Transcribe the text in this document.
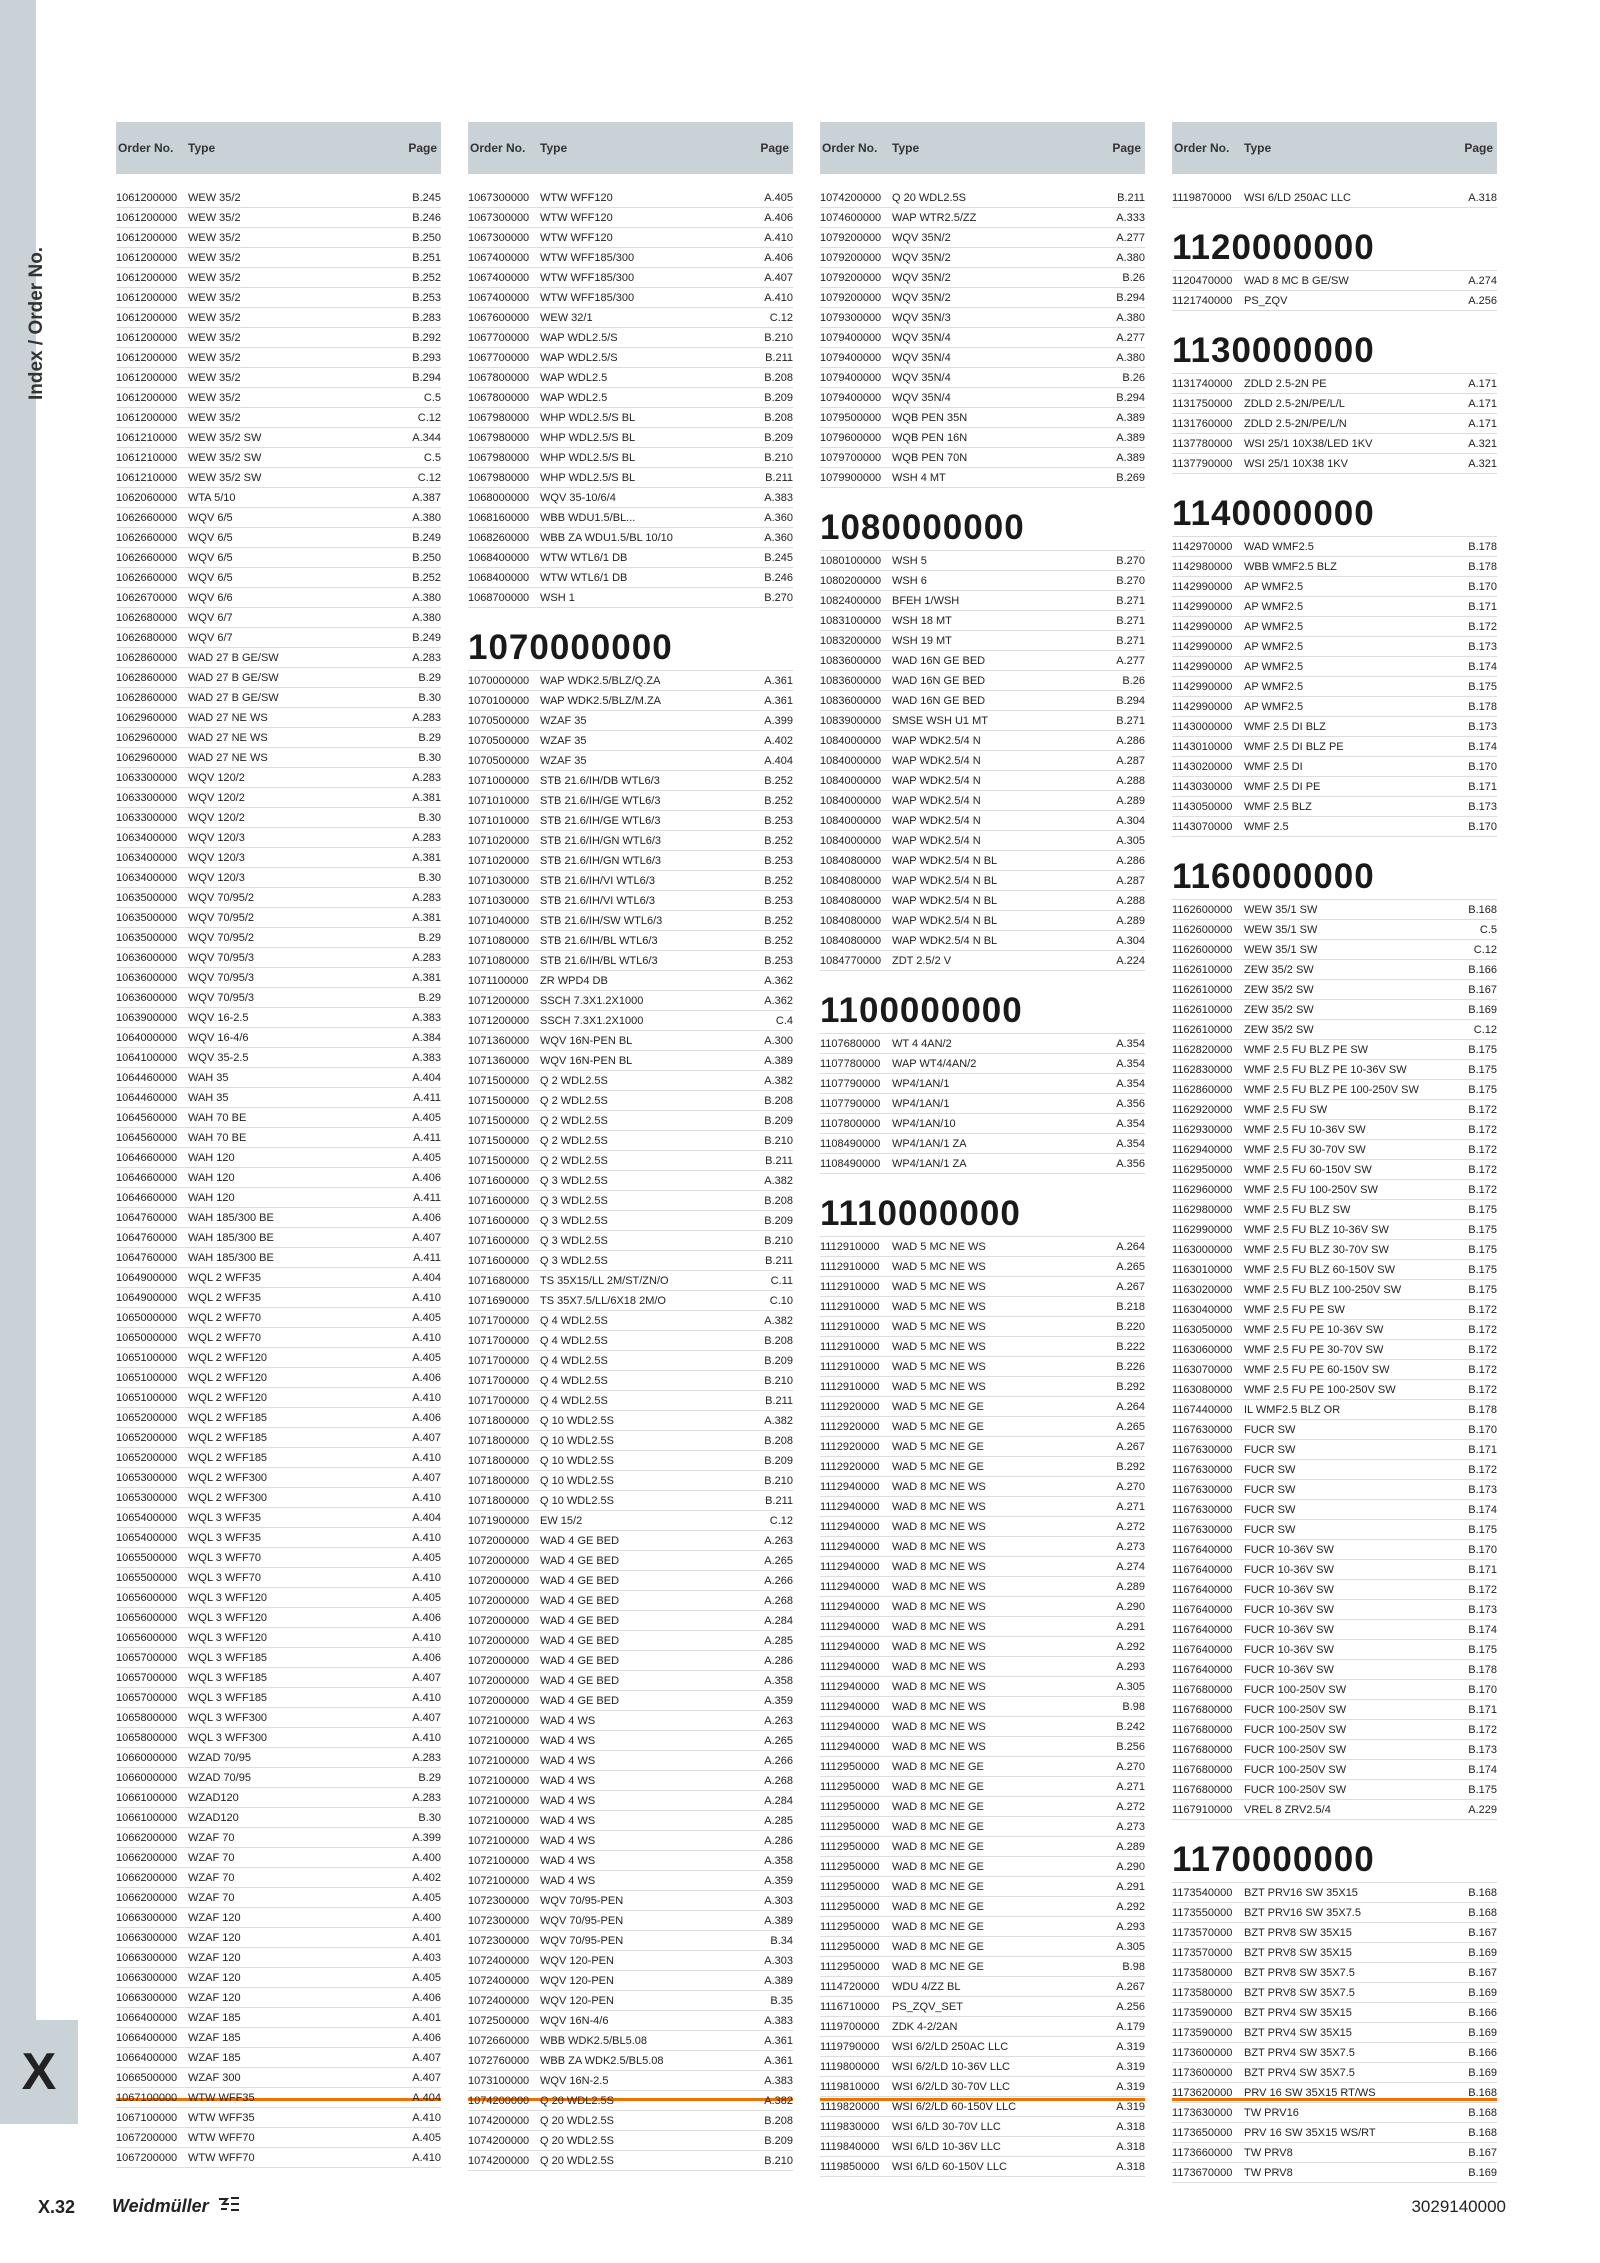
Index / Order No.
X
Order No.	Type	Page
1061200000 WEW 35/2	B.245
1061200000 WEW 35/2	B.246
1061200000 WEW 35/2	B.250
1061200000 WEW 35/2	B.251
1061200000 WEW 35/2	B.252
1061200000 WEW 35/2	B.253
1061200000 WEW 35/2	B.283
1061200000 WEW 35/2	B.292
1061200000 WEW 35/2	B.293
1061200000 WEW 35/2	B.294
1061200000 WEW 35/2	C.5
1061200000 WEW 35/2	C.12
1061210000 WEW 35/2 SW	A.344
1061210000 WEW 35/2 SW	C.5
1061210000 WEW 35/2 SW	C.12
1062060000 WTA 5/10	A.387
1062660000 WQV 6/5	A.380
1062660000 WQV 6/5	B.249
1062660000 WQV 6/5	B.250
1062660000 WQV 6/5	B.252
1062670000 WQV 6/6	A.380
1062680000 WQV 6/7	A.380
1062680000 WQV 6/7	B.249
1062860000 WAD 27 B GE/SW	A.283
1062860000 WAD 27 B GE/SW	B.29
1062860000 WAD 27 B GE/SW	B.30
1062960000 WAD 27 NE WS	A.283
1062960000 WAD 27 NE WS	B.29
1062960000 WAD 27 NE WS	B.30
1063300000 WQV 120/2	A.283
1063300000 WQV 120/2	A.381
1063300000 WQV 120/2	B.30
1063400000 WQV 120/3	A.283
1063400000 WQV 120/3	A.381
1063400000 WQV 120/3	B.30
1063500000 WQV 70/95/2	A.283
1063500000 WQV 70/95/2	A.381
1063500000 WQV 70/95/2	B.29
1063600000 WQV 70/95/3	A.283
1063600000 WQV 70/95/3	A.381
1063600000 WQV 70/95/3	B.29
1063900000 WQV 16-2.5	A.383
1064000000 WQV 16-4/6	A.384
1064100000 WQV 35-2.5	A.383
1064460000 WAH 35	A.404
1064460000 WAH 35	A.411
1064560000 WAH 70 BE	A.405
1064560000 WAH 70 BE	A.411
1064660000 WAH 120	A.405
1064660000 WAH 120	A.406
1064660000 WAH 120	A.411
1064760000 WAH 185/300 BE	A.406
1064760000 WAH 185/300 BE	A.407
1064760000 WAH 185/300 BE	A.411
1064900000 WQL 2 WFF35	A.404
1064900000 WQL 2 WFF35	A.410
1065000000 WQL 2 WFF70	A.405
1065000000 WQL 2 WFF70	A.410
1065100000 WQL 2 WFF120	A.405
1065100000 WQL 2 WFF120	A.406
1065100000 WQL 2 WFF120	A.410
1065200000 WQL 2 WFF185	A.406
1065200000 WQL 2 WFF185	A.407
1065200000 WQL 2 WFF185	A.410
1065300000 WQL 2 WFF300	A.407
1065300000 WQL 2 WFF300	A.410
1065400000 WQL 3 WFF35	A.404
1065400000 WQL 3 WFF35	A.410
1065500000 WQL 3 WFF70	A.405
1065500000 WQL 3 WFF70	A.410
1065600000 WQL 3 WFF120	A.405
1065600000 WQL 3 WFF120	A.406
1065600000 WQL 3 WFF120	A.410
1065700000 WQL 3 WFF185	A.406
1065700000 WQL 3 WFF185	A.407
1065700000 WQL 3 WFF185	A.410
1065800000 WQL 3 WFF300	A.407
1065800000 WQL 3 WFF300	A.410
1066000000 WZAD 70/95	A.283
1066000000 WZAD 70/95	B.29
1066100000 WZAD120	A.283
1066100000 WZAD120	B.30
1066200000 WZAF 70	A.399
1066200000 WZAF 70	A.400
1066200000 WZAF 70	A.402
1066200000 WZAF 70	A.405
1066300000 WZAF 120	A.400
1066300000 WZAF 120	A.401
1066300000 WZAF 120	A.403
1066300000 WZAF 120	A.405
1066300000 WZAF 120	A.406
1066400000 WZAF 185	A.401
1066400000 WZAF 185	A.406
1066400000 WZAF 185	A.407
1066500000 WZAF 300	A.407
1067100000 WTW WFF35	A.404
1067100000 WTW WFF35	A.410
1067200000 WTW WFF70	A.405
1067200000 WTW WFF70	A.410
Order No.	Type	Page
1067300000 WTW WFF120	A.405
1067300000 WTW WFF120	A.406
1067300000 WTW WFF120	A.410
1067400000 WTW WFF185/300	A.406
1067400000 WTW WFF185/300	A.407
1067400000 WTW WFF185/300	A.410
1067600000 WEW 32/1	C.12
1067700000 WAP WDL2.5/S	B.210
1067700000 WAP WDL2.5/S	B.211
1067800000 WAP WDL2.5	B.208
1067800000 WAP WDL2.5	B.209
1067980000 WHP WDL2.5/S BL	B.208
1067980000 WHP WDL2.5/S BL	B.209
1067980000 WHP WDL2.5/S BL	B.210
1067980000 WHP WDL2.5/S BL	B.211
1068000000 WQV 35-10/6/4	A.383
1068160000 WBB WDU1.5/BL...	A.360
1068260000 WBB ZA WDU1.5/BL 10/10	A.360
1068400000 WTW WTL6/1 DB	B.245
1068400000 WTW WTL6/1 DB	B.246
1068700000 WSH 1	B.270
1070000000
1070000000 WAP WDK2.5/BLZ/Q.ZA	A.361
1070100000 WAP WDK2.5/BLZ/M.ZA	A.361
1070500000 WZAF 35	A.399
1070500000 WZAF 35	A.402
1070500000 WZAF 35	A.404
1071000000 STB 21.6/IH/DB WTL6/3	B.252
1071010000 STB 21.6/IH/GE WTL6/3	B.252
1071010000 STB 21.6/IH/GE WTL6/3	B.253
1071020000 STB 21.6/IH/GN WTL6/3	B.252
1071020000 STB 21.6/IH/GN WTL6/3	B.253
1071030000 STB 21.6/IH/VI WTL6/3	B.252
1071030000 STB 21.6/IH/VI WTL6/3	B.253
1071040000 STB 21.6/IH/SW WTL6/3	B.252
1071080000 STB 21.6/IH/BL WTL6/3	B.252
1071080000 STB 21.6/IH/BL WTL6/3	B.253
1071100000	ZR WPD4 DB	A.362
1071200000 SSCH 7.3X1.2X1000	A.362
1071200000 SSCH 7.3X1.2X1000	C.4
1071360000 WQV 16N-PEN BL	A.300
1071360000 WQV 16N-PEN BL	A.389
1071500000 Q 2 WDL2.5S	A.382
1071500000 Q 2 WDL2.5S	B.208
1071500000 Q 2 WDL2.5S	B.209
1071500000 Q 2 WDL2.5S	B.210
1071500000 Q 2 WDL2.5S	B.211
1071600000 Q 3 WDL2.5S	A.382
1071600000 Q 3 WDL2.5S	B.208
1071600000 Q 3 WDL2.5S	B.209
1071600000 Q 3 WDL2.5S	B.210
1071600000 Q 3 WDL2.5S	B.211
1071680000 TS 35X15/LL 2M/ST/ZN/O	C.11
1071690000 TS 35X7.5/LL/6X18 2M/O	C.10
1071700000 Q 4 WDL2.5S	A.382
1071700000 Q 4 WDL2.5S	B.208
1071700000 Q 4 WDL2.5S	B.209
1071700000 Q 4 WDL2.5S	B.210
1071700000 Q 4 WDL2.5S	B.211
1071800000 Q 10 WDL2.5S	A.382
1071800000 Q 10 WDL2.5S	B.208
1071800000 Q 10 WDL2.5S	B.209
1071800000 Q 10 WDL2.5S	B.210
1071800000 Q 10 WDL2.5S	B.211
1071900000 EW 15/2	C.12
1072000000 WAD 4 GE BED	A.263
1072000000 WAD 4 GE BED	A.265
1072000000 WAD 4 GE BED	A.266
1072000000 WAD 4 GE BED	A.268
1072000000 WAD 4 GE BED	A.284
1072000000 WAD 4 GE BED	A.285
1072000000 WAD 4 GE BED	A.286
1072000000 WAD 4 GE BED	A.358
1072000000 WAD 4 GE BED	A.359
1072100000 WAD 4 WS	A.263
1072100000 WAD 4 WS	A.265
1072100000 WAD 4 WS	A.266
1072100000 WAD 4 WS	A.268
1072100000 WAD 4 WS	A.284
1072100000 WAD 4 WS	A.285
1072100000 WAD 4 WS	A.286
1072100000 WAD 4 WS	A.358
1072100000 WAD 4 WS	A.359
1072300000 WQV 70/95-PEN	A.303
1072300000 WQV 70/95-PEN	A.389
1072300000 WQV 70/95-PEN	B.34
1072400000 WQV 120-PEN	A.303
1072400000 WQV 120-PEN	A.389
1072400000 WQV 120-PEN	B.35
1072500000 WQV 16N-4/6	A.383
1072660000 WBB WDK2.5/BL5.08	A.361
1072760000 WBB ZA WDK2.5/BL5.08	A.361
1073100000 WQV 16N-2.5	A.383
1074200000 Q 20 WDL2.5S	A.382
1074200000 Q 20 WDL2.5S	B.208
1074200000 Q 20 WDL2.5S	B.209
1074200000 Q 20 WDL2.5S	B.210
Order No.	Type	Page
1074200000 Q 20 WDL2.5S	B.211
1074600000 WAP WTR2.5/ZZ	A.333
1079200000 WQV 35N/2	A.277
1079200000 WQV 35N/2	A.380
1079200000 WQV 35N/2	B.26
1079200000 WQV 35N/2	B.294
1079300000 WQV 35N/3	A.380
1079400000 WQV 35N/4	A.277
1079400000 WQV 35N/4	A.380
1079400000 WQV 35N/4	B.26
1079400000 WQV 35N/4	B.294
1079500000 WQB PEN 35N	A.389
1079600000 WQB PEN 16N	A.389
1079700000 WQB PEN 70N	A.389
1079900000 WSH 4 MT	B.269
1080000000
1080100000 WSH 5	B.270
1080200000 WSH 6	B.270
1082400000 BFEH 1/WSH	B.271
1083100000 WSH 18 MT	B.271
1083200000 WSH 19 MT	B.271
1083600000 WAD 16N GE BED	A.277
1083600000 WAD 16N GE BED	B.26
1083600000 WAD 16N GE BED	B.294
1083900000 SMSE WSH U1 MT	B.271
1084000000 WAP WDK2.5/4 N	A.286
1084000000 WAP WDK2.5/4 N	A.287
1084000000 WAP WDK2.5/4 N	A.288
1084000000 WAP WDK2.5/4 N	A.289
1084000000 WAP WDK2.5/4 N	A.304
1084000000 WAP WDK2.5/4 N	A.305
1084080000 WAP WDK2.5/4 N BL	A.286
1084080000 WAP WDK2.5/4 N BL	A.287
1084080000 WAP WDK2.5/4 N BL	A.288
1084080000 WAP WDK2.5/4 N BL	A.289
1084080000 WAP WDK2.5/4 N BL	A.304
1084770000 ZDT 2.5/2 V	A.224
1100000000
1107680000	WT 4 4AN/2	A.354
1107780000	WAP WT4/4AN/2	A.354
1107790000	WP4/1AN/1	A.354
1107790000	WP4/1AN/1	A.356
1107800000	WP4/1AN/10	A.354
1108490000	WP4/1AN/1 ZA	A.354
1108490000	WP4/1AN/1 ZA	A.356
1110000000
1112910000	WAD 5 MC NE WS	A.264
1112910000	WAD 5 MC NE WS	A.265
1112910000	WAD 5 MC NE WS	A.267
1112910000	WAD 5 MC NE WS	B.218
1112910000	WAD 5 MC NE WS	B.220
1112910000	WAD 5 MC NE WS	B.222
1112910000	WAD 5 MC NE WS	B.226
1112910000	WAD 5 MC NE WS	B.292
1112920000	WAD 5 MC NE GE	A.264
1112920000	WAD 5 MC NE GE	A.265
1112920000	WAD 5 MC NE GE	A.267
1112920000	WAD 5 MC NE GE	B.292
1112940000	WAD 8 MC NE WS	A.270
1112940000	WAD 8 MC NE WS	A.271
1112940000	WAD 8 MC NE WS	A.272
1112940000	WAD 8 MC NE WS	A.273
1112940000	WAD 8 MC NE WS	A.274
1112940000	WAD 8 MC NE WS	A.289
1112940000	WAD 8 MC NE WS	A.290
1112940000	WAD 8 MC NE WS	A.291
1112940000	WAD 8 MC NE WS	A.292
1112940000	WAD 8 MC NE WS	A.293
1112940000	WAD 8 MC NE WS	A.305
1112940000	WAD 8 MC NE WS	B.98
1112940000	WAD 8 MC NE WS	B.242
1112940000	WAD 8 MC NE WS	B.256
1112950000	WAD 8 MC NE GE	A.270
1112950000	WAD 8 MC NE GE	A.271
1112950000	WAD 8 MC NE GE	A.272
1112950000	WAD 8 MC NE GE	A.273
1112950000	WAD 8 MC NE GE	A.289
1112950000	WAD 8 MC NE GE	A.290
1112950000	WAD 8 MC NE GE	A.291
1112950000	WAD 8 MC NE GE	A.292
1112950000	WAD 8 MC NE GE	A.293
1112950000	WAD 8 MC NE GE	A.305
1112950000	WAD 8 MC NE GE	B.98
1114720000	WDU 4/ZZ BL	A.267
1116710000	PS_ZQV_SET	A.256
1119700000	ZDK 4-2/2AN	A.179
1119790000	WSI 6/2/LD 250AC LLC	A.319
1119800000	WSI 6/2/LD 10-36V LLC	A.319
1119810000	WSI 6/2/LD 30-70V LLC	A.319
1119820000	WSI 6/2/LD 60-150V LLC	A.319
1119830000	WSI 6/LD 30-70V LLC	A.318
1119840000	WSI 6/LD 10-36V LLC	A.318
1119850000	WSI 6/LD 60-150V LLC	A.318
Order No.	Type	Page
1119870000	WSI 6/LD 250AC LLC	A.318
1120000000
1120470000	WAD 8 MC B GE/SW	A.274
1121740000	PS_ZQV	A.256
1130000000
1131740000	ZDLD 2.5-2N PE	A.171
1131750000	ZDLD 2.5-2N/PE/L/L	A.171
1131760000	ZDLD 2.5-2N/PE/L/N	A.171
1137780000	WSI 25/1 10X38/LED 1KV	A.321
1137790000	WSI 25/1 10X38 1KV	A.321
1140000000
1142970000	WAD WMF2.5	B.178
1142980000	WBB WMF2.5 BLZ	B.178
1142990000	AP WMF2.5	B.170
1142990000	AP WMF2.5	B.171
1142990000	AP WMF2.5	B.172
1142990000	AP WMF2.5	B.173
1142990000	AP WMF2.5	B.174
1142990000	AP WMF2.5	B.175
1142990000	AP WMF2.5	B.178
1143000000	WMF 2.5 DI BLZ	B.173
1143010000	WMF 2.5 DI BLZ PE	B.174
1143020000	WMF 2.5 DI	B.170
1143030000	WMF 2.5 DI PE	B.171
1143050000	WMF 2.5 BLZ	B.173
1143070000	WMF 2.5	B.170
1160000000
1162600000	WEW 35/1 SW	B.168
1162600000	WEW 35/1 SW	C.5
1162600000	WEW 35/1 SW	C.12
1162610000	ZEW 35/2 SW	B.166
1162610000	ZEW 35/2 SW	B.167
1162610000	ZEW 35/2 SW	B.169
1162610000	ZEW 35/2 SW	C.12
1162820000	WMF 2.5 FU BLZ PE SW	B.175
1162830000	WMF 2.5 FU BLZ PE 10-36V SW	B.175
1162860000	WMF 2.5 FU BLZ PE 100-250V SW	B.175
1162920000	WMF 2.5 FU SW	B.172
1162930000	WMF 2.5 FU 10-36V SW	B.172
1162940000	WMF 2.5 FU 30-70V SW	B.172
1162950000	WMF 2.5 FU 60-150V SW	B.172
1162960000	WMF 2.5 FU 100-250V SW	B.172
1162980000	WMF 2.5 FU BLZ SW	B.175
1162990000	WMF 2.5 FU BLZ 10-36V SW	B.175
1163000000	WMF 2.5 FU BLZ 30-70V SW	B.175
1163010000	WMF 2.5 FU BLZ 60-150V SW	B.175
1163020000	WMF 2.5 FU BLZ 100-250V SW	B.175
1163040000	WMF 2.5 FU PE SW	B.172
1163050000	WMF 2.5 FU PE 10-36V SW	B.172
1163060000	WMF 2.5 FU PE 30-70V SW	B.172
1163070000	WMF 2.5 FU PE 60-150V SW	B.172
1163080000	WMF 2.5 FU PE 100-250V SW	B.172
1167440000	IL WMF2.5 BLZ OR	B.178
1167630000	FUCR SW	B.170
1167630000	FUCR SW	B.171
1167630000	FUCR SW	B.172
1167630000	FUCR SW	B.173
1167630000	FUCR SW	B.174
1167630000	FUCR SW	B.175
1167640000	FUCR 10-36V SW	B.170
1167640000	FUCR 10-36V SW	B.171
1167640000	FUCR 10-36V SW	B.172
1167640000	FUCR 10-36V SW	B.173
1167640000	FUCR 10-36V SW	B.174
1167640000	FUCR 10-36V SW	B.175
1167640000	FUCR 10-36V SW	B.178
1167680000	FUCR 100-250V SW	B.170
1167680000	FUCR 100-250V SW	B.171
1167680000	FUCR 100-250V SW	B.172
1167680000	FUCR 100-250V SW	B.173
1167680000	FUCR 100-250V SW	B.174
1167680000	FUCR 100-250V SW	B.175
1167910000	VREL 8 ZRV2.5/4	A.229
1170000000
1173540000	BZT PRV16 SW 35X15	B.168
1173550000	BZT PRV16 SW 35X7.5	B.168
1173570000	BZT PRV8 SW 35X15	B.167
1173570000	BZT PRV8 SW 35X15	B.169
1173580000	BZT PRV8 SW 35X7.5	B.167
1173580000	BZT PRV8 SW 35X7.5	B.169
1173590000	BZT PRV4 SW 35X15	B.166
1173590000	BZT PRV4 SW 35X15	B.169
1173600000	BZT PRV4 SW 35X7.5	B.166
1173600000	BZT PRV4 SW 35X7.5	B.169
1173620000	PRV 16 SW 35X15 RT/WS	B.168
1173630000	TW PRV16	B.168
1173650000	PRV 16 SW 35X15 WS/RT	B.168
1173660000	TW PRV8	B.167
1173670000	TW PRV8	B.169
X.32 Weidmüller	3029140000
